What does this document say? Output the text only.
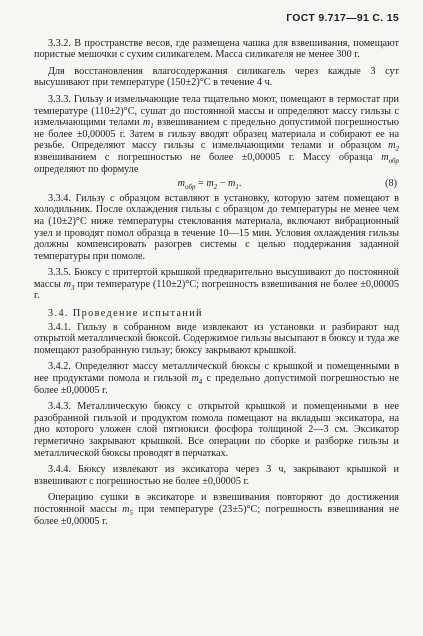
ГОСТ 9.717—91 С. 15

3.3.2. В пространстве весов, где размещена чашка для взвешивания, помещают пористые мешочки с сухим силикагелем. Масса силикагеля не менее 300 г.

Для восстановления влагосодержания силикагель через каждые 3 сут высушивают при температуре (150±2)°С в течение 4 ч.

3.3.3. Гильзу и измельчающие тела тщательно моют, помещают в термостат при температуре (110±2)°С, сушат до постоянной массы и определяют массу гильзы с измельчающими телами $m_1$ взвешиванием с предельно допустимой погрешностью не более ±0,00005 г. Затем в гильзу вводят образец материала и собирают ее на резьбе. Определяют массу гильзы с измельчающими телами и образцом $m_2$ взвешиванием с погрешностью не более ±0,00005 г. Массу образца $m_{обр}$ определяют по формуле

$m_{обр} = m_2 - m_1$.	(8)

3.3.4. Гильзу с образцом вставляют в установку, которую затем помещают в холодильник. После охлаждения гильзы с образцом до температуры не менее чем на (10±2)°С ниже температуры стеклования материала, включают вибрационный узел и проводят помол образца в течение 10—15 мин. Условия охлаждения гильзы должны компенсировать разогрев системы с целью поддержания заданной температуры при помоле.

3.3.5. Бюксу с притертой крышкой предварительно высушивают до постоянной массы $m_3$ при температуре (110±2)°С; погрешность взвешивания не более ±0,00005 г.

3.4. Проведение испытаний

3.4.1. Гильзу в собранном виде извлекают из установки и разбирают над открытой металлической бюксой. Содержимое гильзы высыпают в бюксу и туда же помещают разобранную гильзу; бюксу закрывают крышкой.

3.4.2. Определяют массу металлической бюксы с крышкой и помещенными в нее продуктами помола и гильзой $m_4$ с предельно допустимой погрешностью не более ±0,00005 г.

3.4.3. Металлическую бюксу с открытой крышкой и помещенными в нее разобранной гильзой и продуктом помола помещают на вкладыш эксикатора, на дно которого уложен слой пятиокиси фосфора толщиной 2—3 см. Эксикатор герметично закрывают крышкой. Все операции по сборке и разборке гильзы и металлической бюксы проводят в перчатках.

3.4.4. Бюксу извлекают из эксикатора через 3 ч, закрывают крышкой и взвешивают с погрешностью не более ±0,00005 г.

Операцию сушки в эксикаторе и взвешивания повторяют до достижения постоянной массы $m_5$ при температуре (23±5)°С; погрешность взвешивания не более ±0,00005 г.
